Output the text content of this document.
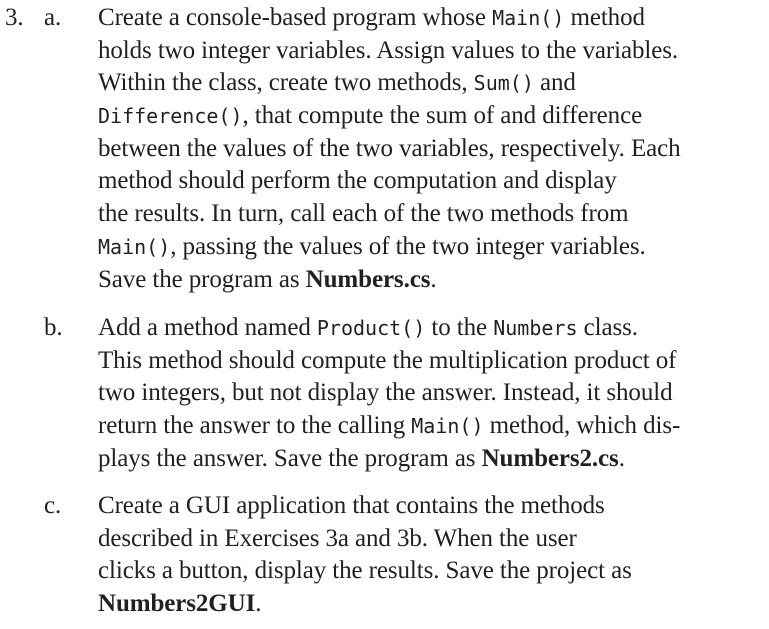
3. a.	Create a console-based program whose Main() method
holds two integer variables. Assign values to the variables.
Within the class, create two methods, Sum() and
Difference(), that compute the sum of and difference
between the values of the two variables, respectively. Each
method should perform the computation and display
the results. In turn, call each of the two methods from
Main(), passing the values of the two integer variables.
Save the program as Numbers.cs.
b.	Add a method named Product() to the Numbers class.
This method should compute the multiplication product of
two integers, but not display the answer. Instead, it should
return the answer to the calling Main() method, which dis-
plays the answer. Save the program as Numbers2.cs.
c.	Create a GUI application that contains the methods
described in Exercises 3a and 3b. When the user
clicks a button, display the results. Save the project as
Numbers2GUI.
